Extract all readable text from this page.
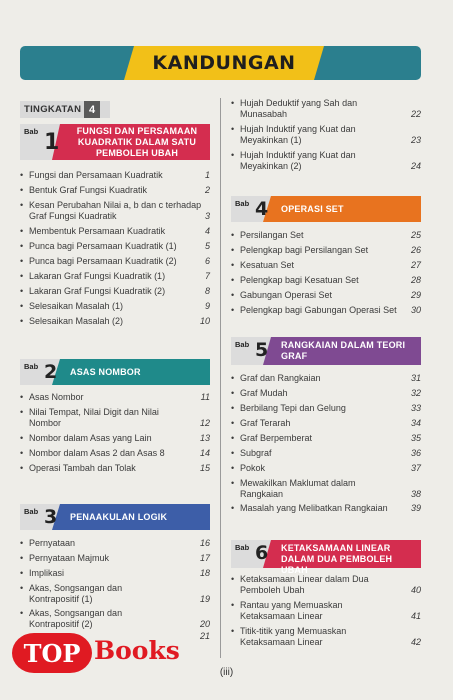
KANDUNGAN
TINGKATAN 4
Bab 1	FUNGSI DAN PERSAMAAN
KUADRATIK DALAM SATU
PEMBOLEH UBAH
• Fungsi dan Persamaan Kuadratik	1
• Bentuk Graf Fungsi Kuadratik	2
• Kesan Perubahan Nilai a, b dan c terhadap
Graf Fungsi Kuadratik	3
• Membentuk Persamaan Kuadratik	4
• Punca bagi Persamaan Kuadratik (1)	5
• Punca bagi Persamaan Kuadratik (2)	6
• Lakaran Graf Fungsi Kuadratik (1)	7
• Lakaran Graf Fungsi Kuadratik (2)	8
• Selesaikan Masalah (1)	9
• Selesaikan Masalah (2)	10
Bab 2 ASAS NOMBOR
• Asas Nombor	11
• Nilai Tempat, Nilai Digit dan Nilai
Nombor	12
• Nombor dalam Asas yang Lain	13
• Nombor dalam Asas 2 dan Asas 8	14
• Operasi Tambah dan Tolak	15
Bab 3 PENAAKULAN LOGIK
• Pernyataan	16
• Pernyataan Majmuk	17
• Implikasi	18
• Akas, Songsangan dan
Kontrapositif (1)	19
• Akas, Songsangan dan
Kontrapositif (2)	20
21
• Hujah Deduktif yang Sah dan
Munasabah	22
• Hujah Induktif yang Kuat dan
Meyakinkan (1)	23
• Hujah Induktif yang Kuat dan
Meyakinkan (2)	24
Bab 4 OPERASI SET
• Persilangan Set	25
• Pelengkap bagi Persilangan Set	26
• Kesatuan Set	27
• Pelengkap bagi Kesatuan Set	28
• Gabungan Operasi Set	29
• Pelengkap bagi Gabungan Operasi Set	30
Bab 5 RANGKAIAN DALAM TEORI
GRAF
• Graf dan Rangkaian	31
• Graf Mudah	32
• Berbilang Tepi dan Gelung	33
• Graf Terarah	34
• Graf Berpemberat	35
• Subgraf	36
• Pokok	37
• Mewakilkan Maklumat dalam
Rangkaian	38
• Masalah yang Melibatkan Rangkaian	39
Bab 6 KETAKSAMAAN LINEAR
DALAM DUA PEMBOLEH UBAH
• Ketaksamaan Linear dalam Dua
Pemboleh Ubah	40
• Rantau yang Memuaskan
Ketaksamaan Linear	41
• Titik-titik yang Memuaskan
Ketaksamaan Linear	42
(iii)
TOP Books
